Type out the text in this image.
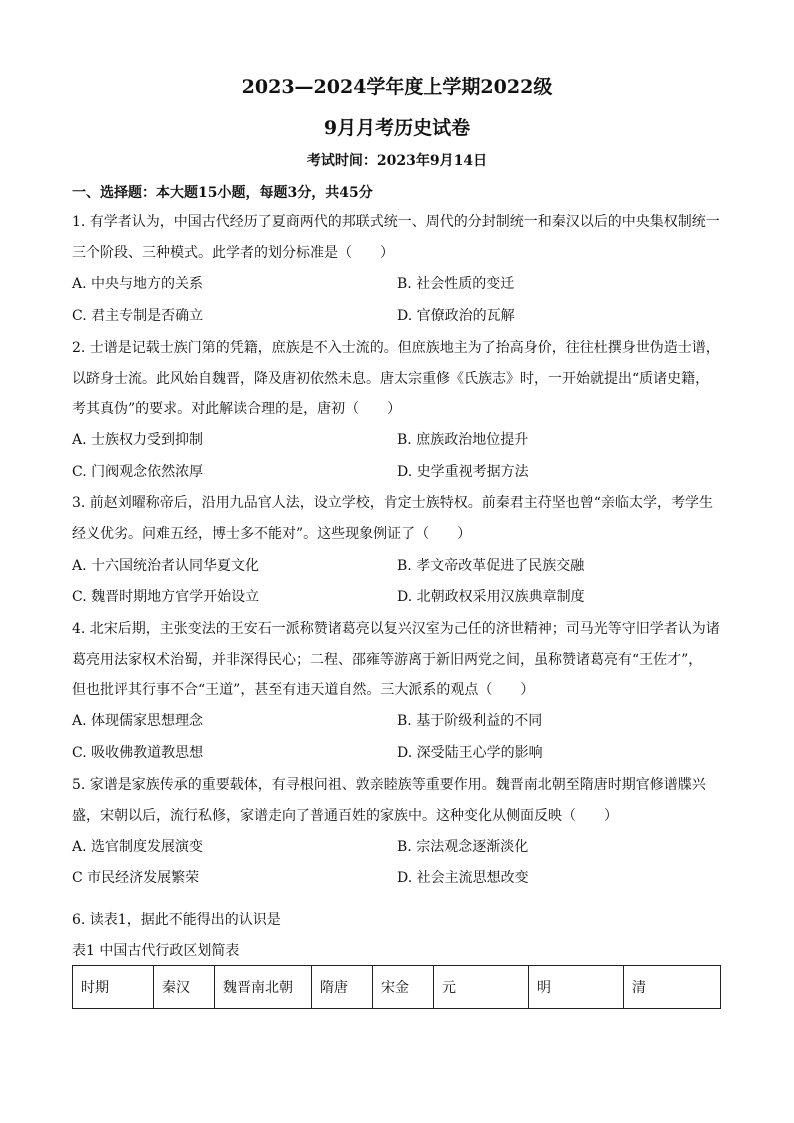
2023—2024学年度上学期2022级
9月月考历史试卷
考试时间：2023年9月14日
一、选择题：本大题15小题，每题3分，共45分
1. 有学者认为，中国古代经历了夏商两代的邦联式统一、周代的分封制统一和秦汉以后的中央集权制统一
三个阶段、三种模式。此学者的划分标准是（　　）
A. 中央与地方的关系	B. 社会性质的变迁
C. 君主专制是否确立	D. 官僚政治的瓦解
2. 士谱是记载士族门第的凭籍，庶族是不入士流的。但庶族地主为了抬高身价，往往杜撰身世伪造士谱，
以跻身士流。此风始自魏晋，降及唐初依然未息。唐太宗重修《氏族志》时，一开始就提出“质诸史籍，
考其真伪”的要求。对此解读合理的是，唐初（　　）
A. 士族权力受到抑制	B. 庶族政治地位提升
C. 门阀观念依然浓厚	D. 史学重视考据方法
3. 前赵刘曜称帝后，沿用九品官人法，设立学校，肯定士族特权。前秦君主苻坚也曾“亲临太学，考学生
经义优劣。问难五经，博士多不能对”。这些现象例证了（　　）
A. 十六国统治者认同华夏文化	B. 孝文帝改革促进了民族交融
C. 魏晋时期地方官学开始设立	D. 北朝政权采用汉族典章制度
4. 北宋后期，主张变法的王安石一派称赞诸葛亮以复兴汉室为己任的济世精神；司马光等守旧学者认为诸
葛亮用法家权术治蜀，并非深得民心；二程、邵雍等游离于新旧两党之间，虽称赞诸葛亮有“王佐才”，
但也批评其行事不合“王道”，甚至有违天道自然。三大派系的观点（　　）
A. 体现儒家思想理念	B. 基于阶级利益的不同
C. 吸收佛教道教思想	D. 深受陆王心学的影响
5. 家谱是家族传承的重要载体，有寻根问祖、敦亲睦族等重要作用。魏晋南北朝至隋唐时期官修谱牒兴
盛，宋朝以后，流行私修，家谱走向了普通百姓的家族中。这种变化从侧面反映（　　）
A. 选官制度发展演变	B. 宗法观念逐渐淡化
C 市民经济发展繁荣	D. 社会主流思想改变
6. 读表1，据此不能得出的认识是
表1 中国古代行政区划简表
时期	秦汉	魏晋南北朝	隋唐	宋金	元	明	清
